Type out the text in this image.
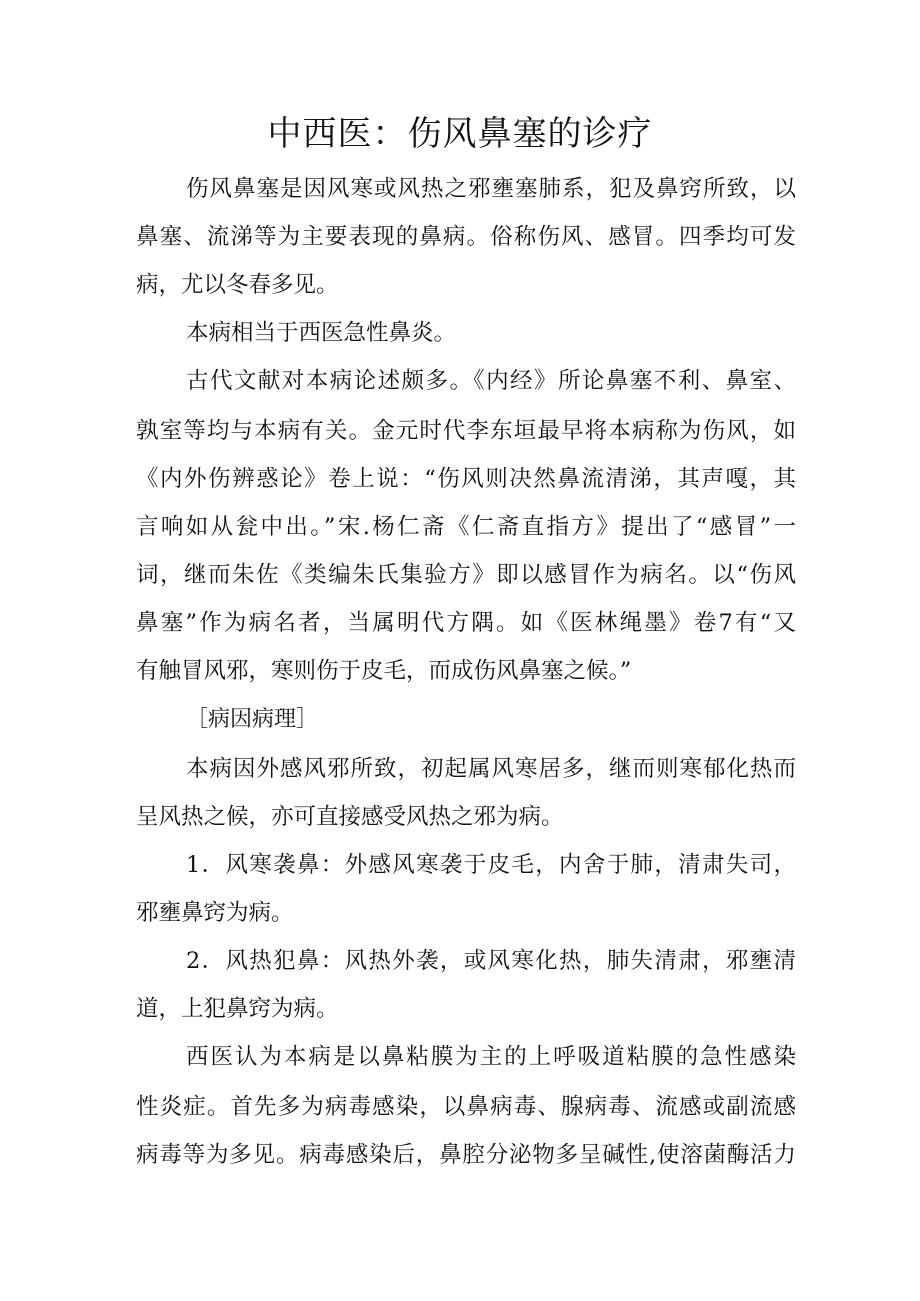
中西医：伤风鼻塞的诊疗

伤风鼻塞是因风寒或风热之邪壅塞肺系，犯及鼻窍所致，以

鼻塞、流涕等为主要表现的鼻病。俗称伤风、感冒。四季均可发

病，尤以冬春多见。

本病相当于西医急性鼻炎。

古代文献对本病论述颇多。《内经》所论鼻塞不利、鼻室、

孰室等均与本病有关。金元时代李东垣最早将本病称为伤风，如

《内外伤辨惑论》卷上说：“伤风则决然鼻流清涕，其声嘎，其

言响如从瓮中出。”宋.杨仁斋《仁斋直指方》提出了“感冒”一

词，继而朱佐《类编朱氏集验方》即以感冒作为病名。以“伤风

鼻塞”作为病名者，当属明代方隅。如《医林绳墨》卷7有“又

有触冒风邪，寒则伤于皮毛，而成伤风鼻塞之候。”

［病因病理］

本病因外感风邪所致，初起属风寒居多，继而则寒郁化热而

呈风热之候，亦可直接感受风热之邪为病。

1．风寒袭鼻：外感风寒袭于皮毛，内舍于肺，清肃失司，

邪壅鼻窍为病。

2．风热犯鼻：风热外袭，或风寒化热，肺失清肃，邪壅清

道，上犯鼻窍为病。

西医认为本病是以鼻粘膜为主的上呼吸道粘膜的急性感染

性炎症。首先多为病毒感染，以鼻病毒、腺病毒、流感或副流感

病毒等为多见。病毒感染后，鼻腔分泌物多呈碱性,使溶菌酶活力
